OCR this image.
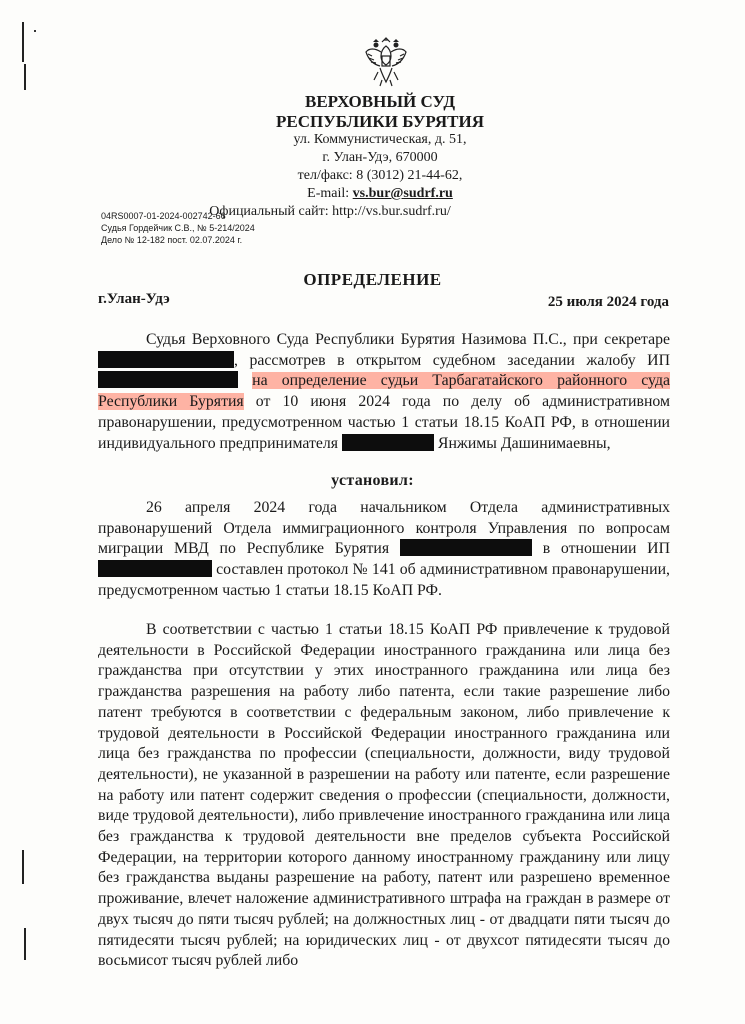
ВЕРХОВНЫЙ СУД
РЕСПУБЛИКИ БУРЯТИЯ
ул. Коммунистическая, д. 51,
г. Улан-Удэ, 670000
тел/факс: 8 (3012) 21-44-62,
E-mail: vs.bur@sudrf.ru
Официальный сайт: http://vs.bur.sudrf.ru/
04RS0007-01-2024-002742-66
Судья Гордейчик С.В., № 5-214/2024
Дело № 12-182 пост. 02.07.2024 г.
ОПРЕДЕЛЕНИЕ
г.Улан-Удэ	25 июля 2024 года
Судья Верховного Суда Республики Бурятия Назимова П.С., при секретаре , рассмотрев в открытом судебном заседании жалобу ИП  на определение судьи Тарбагатайского районного суда Республики Бурятия от 10 июня 2024 года по делу об административном правонарушении, предусмотренном частью 1 статьи 18.15 КоАП РФ, в отношении индивидуального предпринимателя	Янжимы Дашинимаевны,
установил:
26 апреля 2024 года начальником Отдела административных правонарушений Отдела иммиграционного контроля Управления по вопросам миграции МВД по Республике Бурятия	в отношении ИП  составлен протокол № 141 об административном правонарушении, предусмотренном частью 1 статьи 18.15 КоАП РФ.
В соответствии с частью 1 статьи 18.15 КоАП РФ привлечение к трудовой деятельности в Российской Федерации иностранного гражданина или лица без гражданства при отсутствии у этих иностранного гражданина или лица без гражданства разрешения на работу либо патента, если такие разрешение либо патент требуются в соответствии с федеральным законом, либо привлечение к трудовой деятельности в Российской Федерации иностранного гражданина или лица без гражданства по профессии (специальности, должности, виду трудовой деятельности), не указанной в разрешении на работу или патенте, если разрешение на работу или патент содержит сведения о профессии (специальности, должности, виде трудовой деятельности), либо привлечение иностранного гражданина или лица без гражданства к трудовой деятельности вне пределов субъекта Российской Федерации, на территории которого данному иностранному гражданину или лицу без гражданства выданы разрешение на работу, патент или разрешено временное проживание, влечет наложение административного штрафа на граждан в размере от двух тысяч до пяти тысяч рублей; на должностных лиц - от двадцати пяти тысяч до пятидесяти тысяч рублей; на юридических лиц - от двухсот пятидесяти тысяч до восьмисот тысяч рублей либо
